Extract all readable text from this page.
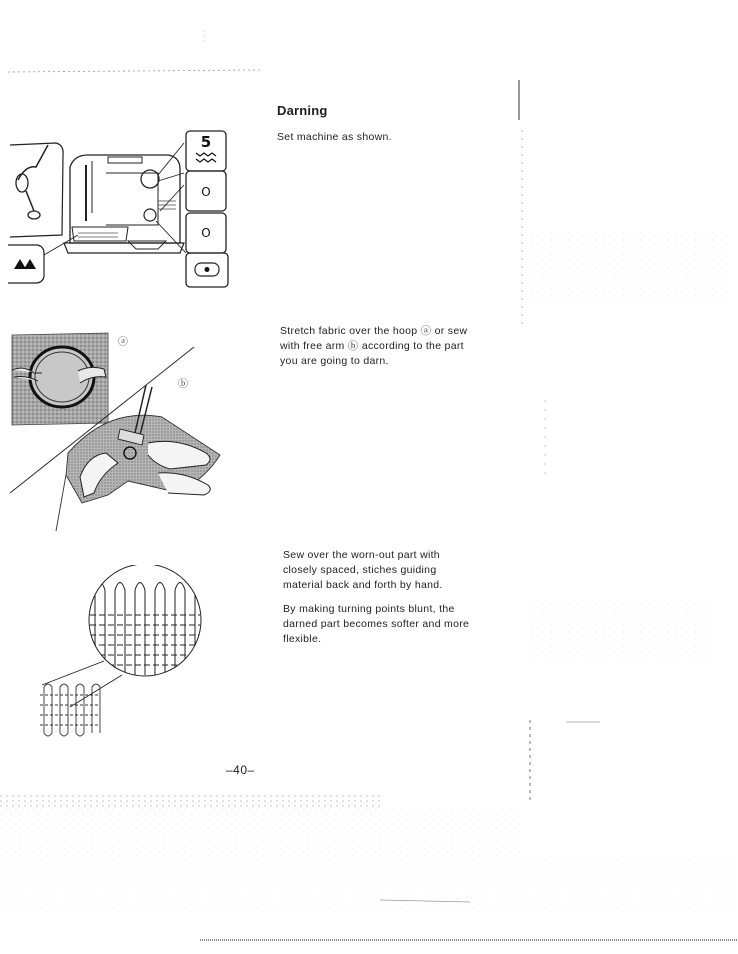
Darning
Set machine as shown.
Stretch fabric over the hoop ⓐ or sew with free arm ⓑ according to the part you are going to darn.
Sew over the worn-out part with closely spaced, stiches guiding material back and forth by hand.
By making turning points blunt, the darned part becomes softer and more flexible.
–40–
5
O
O
ⓐ
ⓑ
